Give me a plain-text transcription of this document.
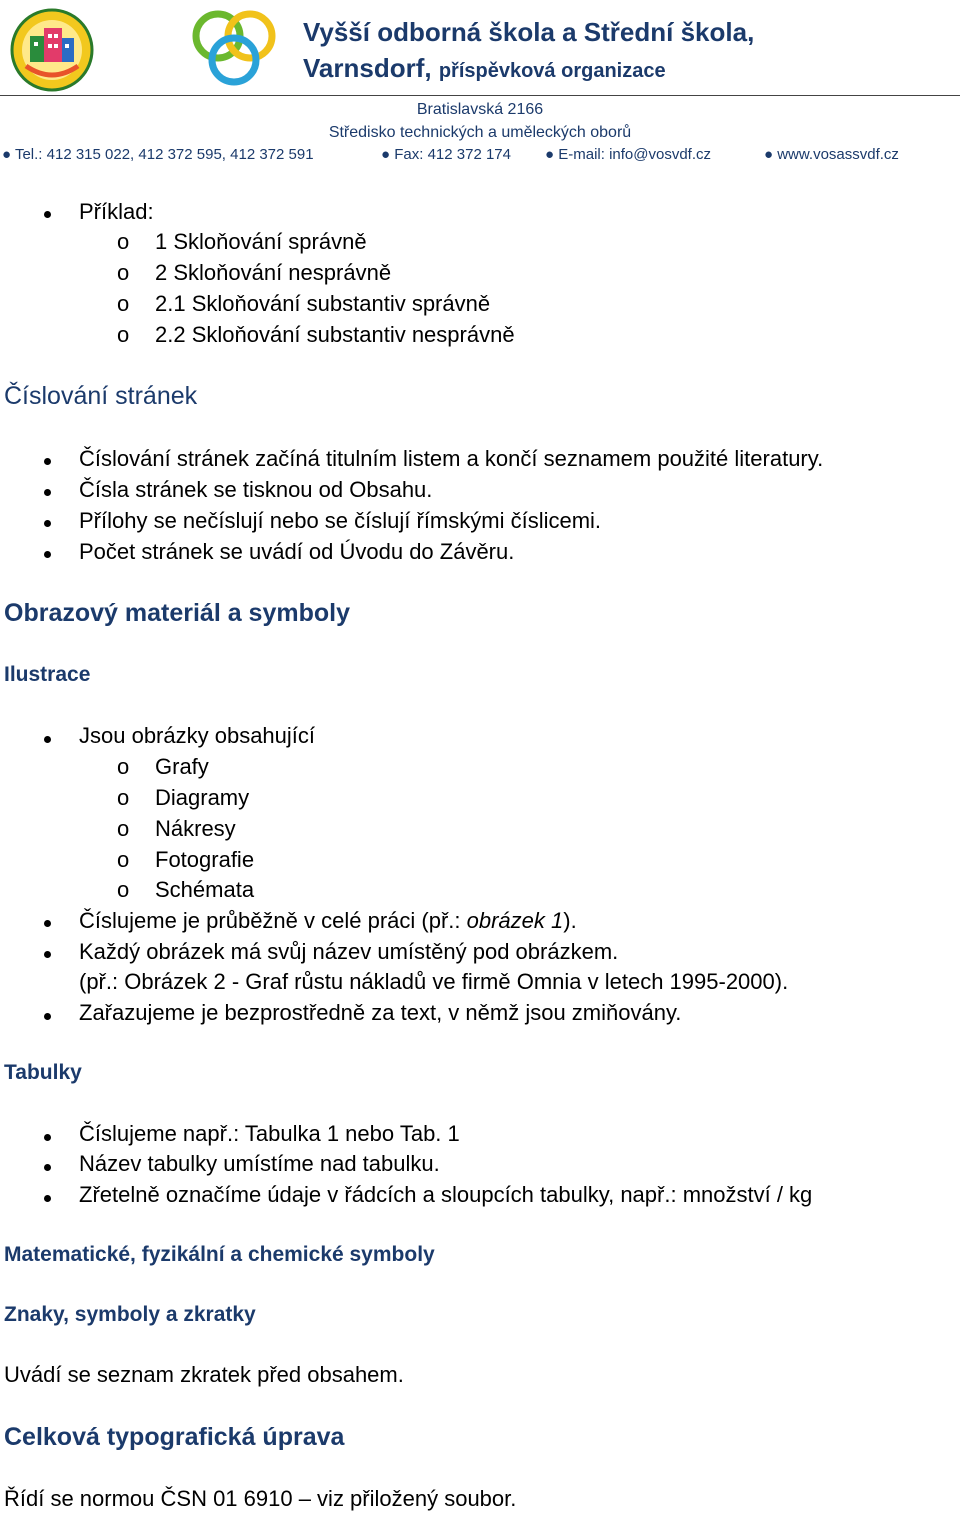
Vyšší odborná škola a Střední škola,
Varnsdorf, příspěvková organizace
Bratislavská 2166
Středisko technických a uměleckých oborů
● Tel.: 412 315 022, 412 372 595, 412 372 591	● Fax: 412 372 174 ● E-mail: info@vosvdf.cz	● www.vosassvdf.cz
Příklad:
o 1 Skloňování správně
o 2 Skloňování nesprávně
o 2.1 Skloňování substantiv správně
o 2.2 Skloňování substantiv nesprávně
Číslování stránek
Číslování stránek začíná titulním listem a končí seznamem použité literatury.
Čísla stránek se tisknou od Obsahu.
Přílohy se nečíslují nebo se číslují římskými číslicemi.
Počet stránek se uvádí od Úvodu do Závěru.
Obrazový materiál a symboly
Ilustrace
Jsou obrázky obsahující
o Grafy
o Diagramy
o Nákresy
o Fotografie
o Schémata
Číslujeme je průběžně v celé práci (př.: obrázek 1).
Každý obrázek má svůj název umístěný pod obrázkem.
(př.: Obrázek 2 - Graf růstu nákladů ve firmě Omnia v letech 1995-2000).
Zařazujeme je bezprostředně za text, v němž jsou zmiňovány.
Tabulky
Číslujeme např.: Tabulka 1 nebo Tab. 1
Název tabulky umístíme nad tabulku.
Zřetelně označíme údaje v řádcích a sloupcích tabulky, např.: množství / kg
Matematické, fyzikální a chemické symboly
Znaky, symboly a zkratky
Uvádí se seznam zkratek před obsahem.
Celková typografická úprava
Řídí se normou ČSN 01 6910 – viz přiložený soubor.
